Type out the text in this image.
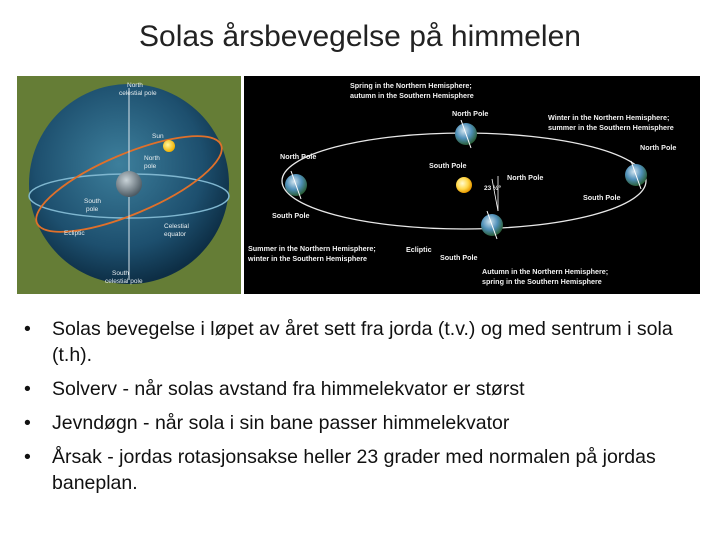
Solas årsbevegelse på himmelen
North
celestial pole
Sun
North
pole
South
pole
Ecliptic
Celestial
equator
South
celestial pole
Spring in the Northern Hemisphere;
autumn in the Southern Hemisphere
North Pole	Winter in the Northern Hemisphere;
summer in the Southern Hemisphere
North Pole
South Pole
North Pole
South Pole
North Pole
23 ½°
South Pole
Summer in the Northern Hemisphere;
winter in the Southern Hemisphere
Ecliptic
South Pole
Autumn in the Northern Hemisphere;
spring in the Southern Hemisphere
• Solas bevegelse i løpet av året sett fra jorda (t.v.) og med sentrum i sola (t.h).
• Solverv - når solas avstand fra himmelekvator er størst
• Jevndøgn - når sola i sin bane passer himmelekvator
• Årsak - jordas rotasjonsakse heller 23 grader med normalen på jordas baneplan.
